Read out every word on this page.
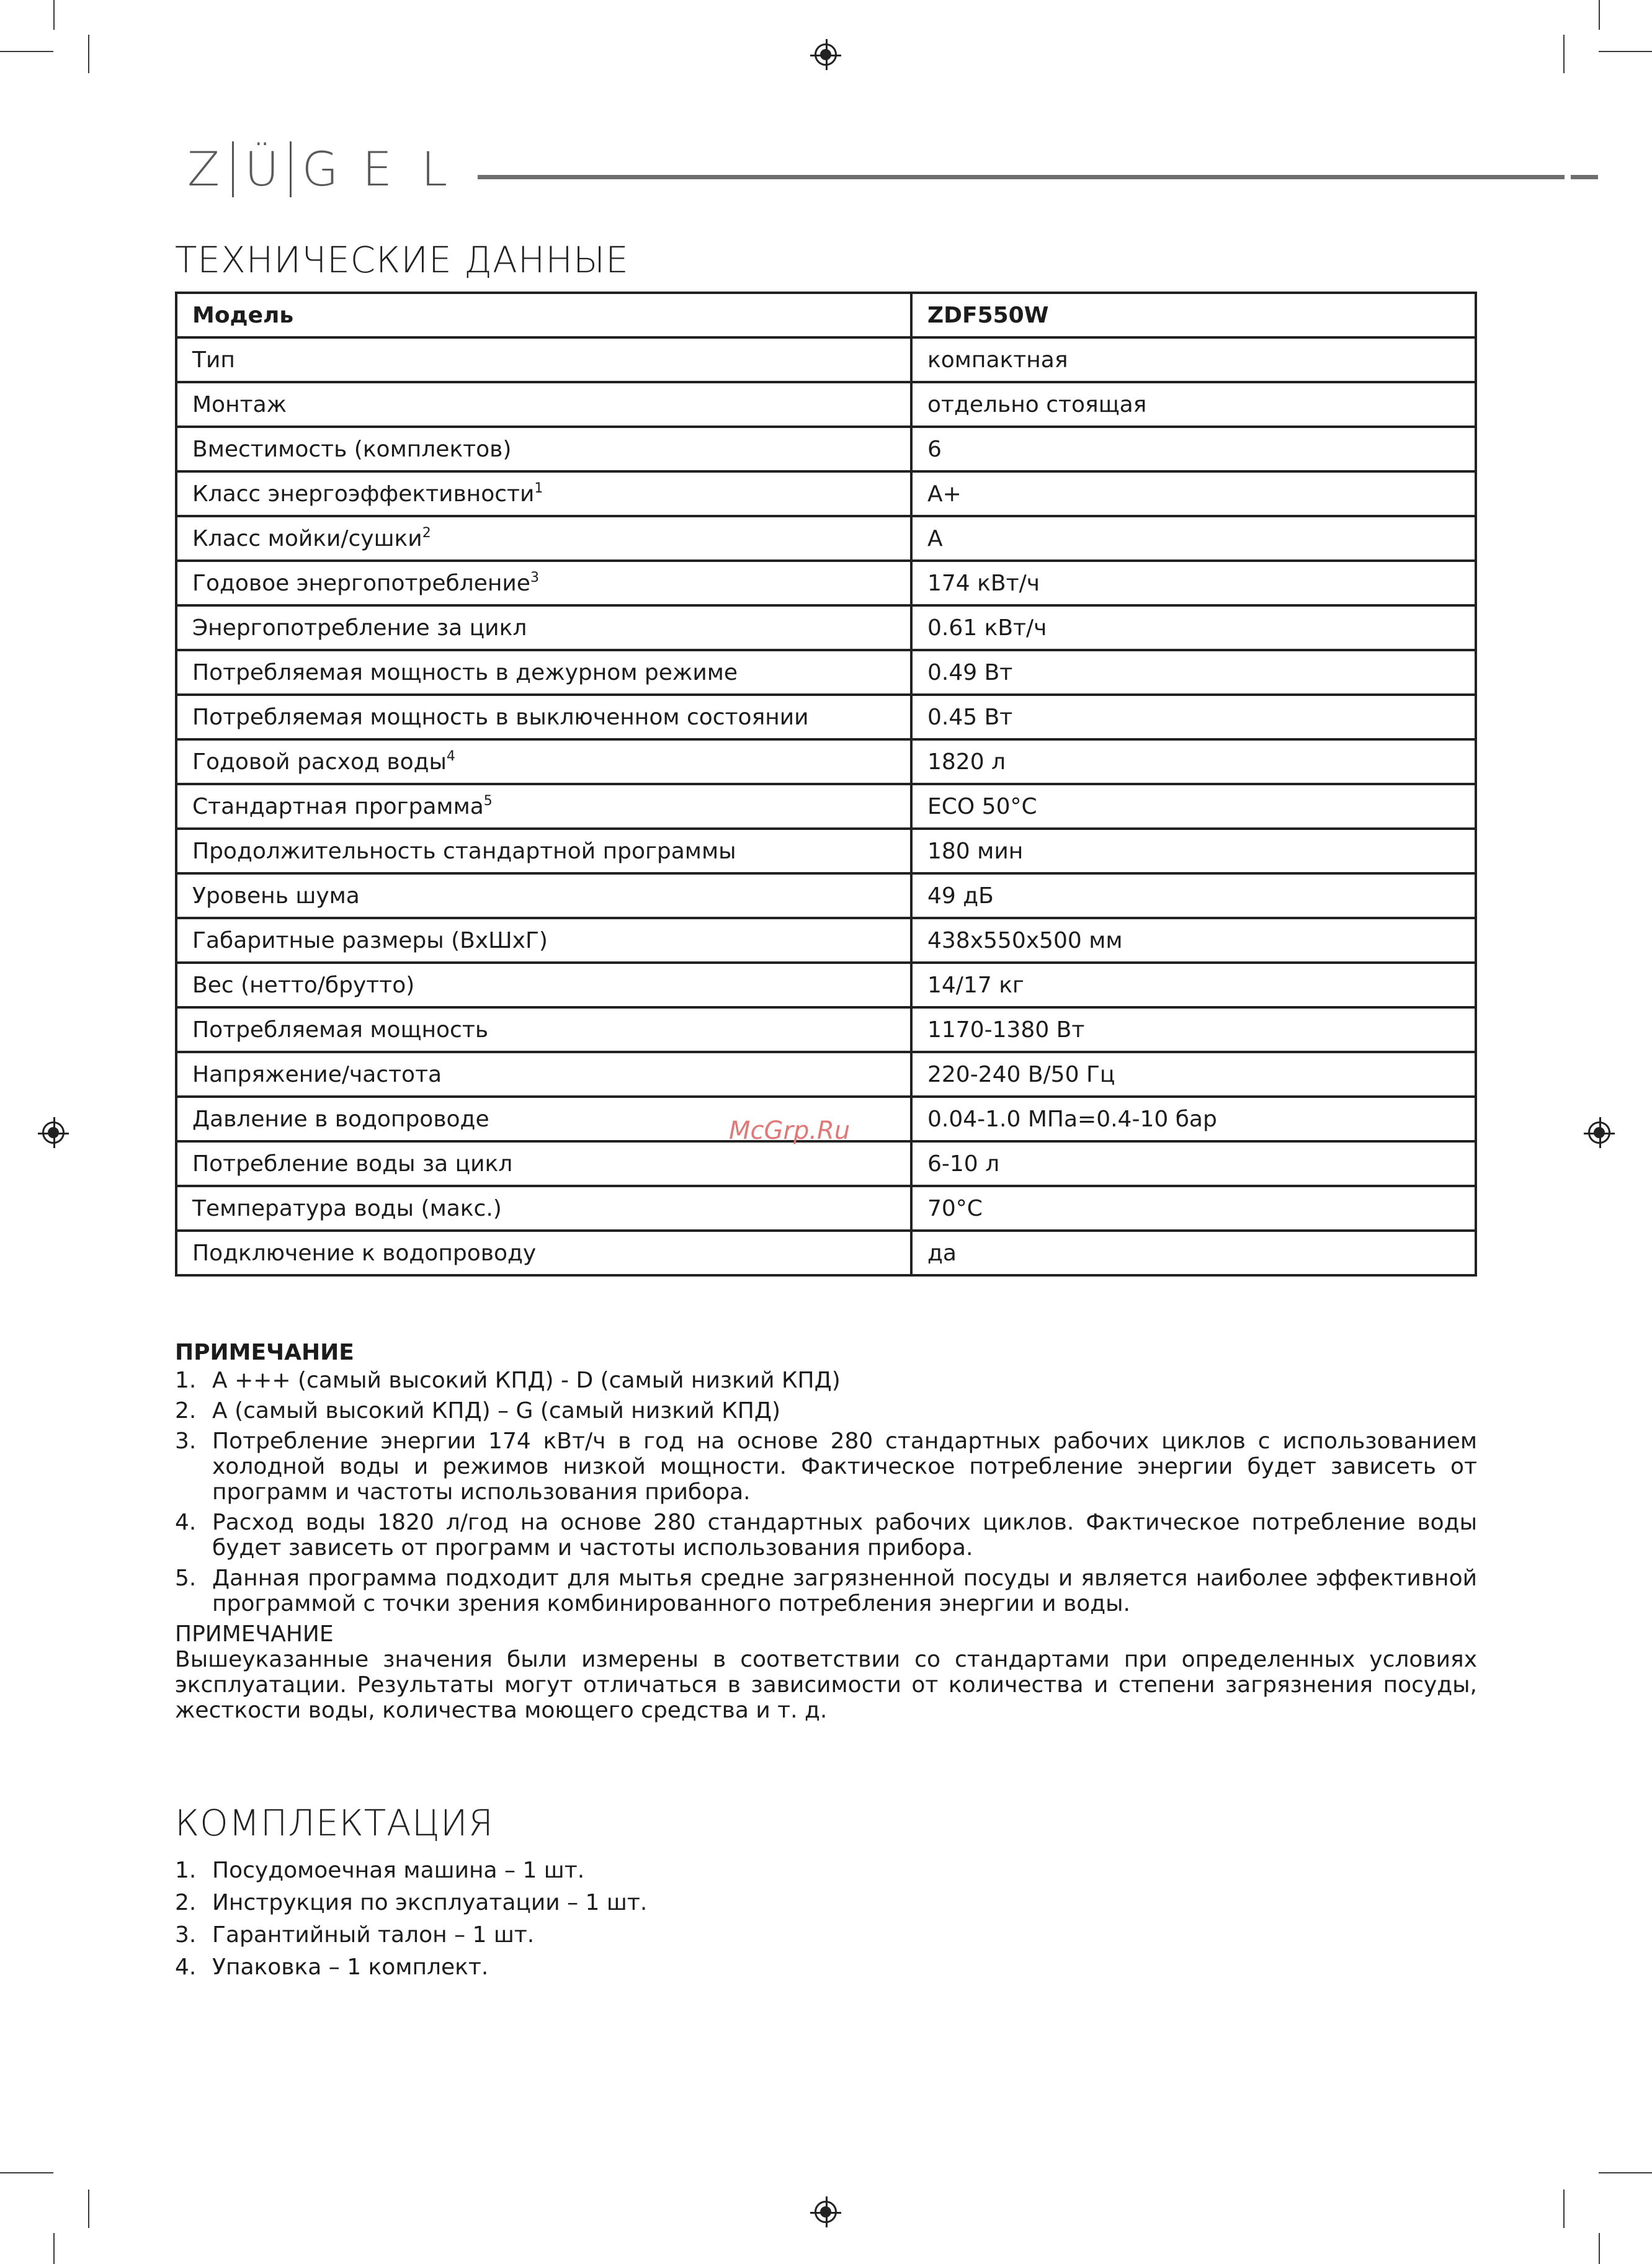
Z Ü G E L
ТЕХНИЧЕСКИЕ ДАННЫЕ
Модель	ZDF550W
Тип	компактная
Монтаж	отдельно стоящая
Вместимость (комплектов)	6
Класс энергоэффективности$^1$	A+
Класс мойки/сушки$^2$	А
Годовое энергопотребление$^3$	174 кВт/ч
Энергопотребление за цикл	0.61 кВт/ч
Потребляемая мощность в дежурном режиме	0.49 Вт
Потребляемая мощность в выключенном состоянии	0.45 Вт
Годовой расход воды$^4$	1820 л
Стандартная программа$^5$	ECO 50°C
Продолжительность стандартной программы	180 мин
Уровень шума	49 дБ
Габаритные размеры (ВхШхГ)	438х550х500 мм
Вес (нетто/брутто)	14/17 кг
Потребляемая мощность	1170-1380 Вт
Напряжение/частота	220-240 В/50 Гц
Давление в водопроводе	0.04-1.0 МПа=0.4-10 бар
Потребление воды за цикл	6-10 л
Температура воды (макс.)	70°C
Подключение к водопроводу	да
McGrp.Ru
ПРИМЕЧАНИЕ
1. A +++ (самый высокий КПД) - D (самый низкий КПД)
2. A (самый высокий КПД) – G (самый низкий КПД)
3. Потребление энергии 174 кВт/ч в год на основе 280 стандартных рабочих циклов с использованием холодной воды и режимов низкой мощности. Фактическое потребление энергии будет зависеть от программ и частоты использования прибора.
4. Расход воды 1820 л/год на основе 280 стандартных рабочих циклов. Фактическое потребление воды будет зависеть от программ и частоты использования прибора.
5. Данная программа подходит для мытья средне загрязненной посуды и является наиболее эффективной программой с точки зрения комбинированного потребления энергии и воды.
ПРИМЕЧАНИЕ
Вышеуказанные значения были измерены в соответствии со стандартами при определенных условиях эксплуатации. Результаты могут отличаться в зависимости от количества и степени загрязнения посуды, жесткости воды, количества моющего средства и т. д.
КОМПЛЕКТАЦИЯ
1. Посудомоечная машина – 1 шт.
2. Инструкция по эксплуатации – 1 шт.
3. Гарантийный талон – 1 шт.
4. Упаковка – 1 комплект.
